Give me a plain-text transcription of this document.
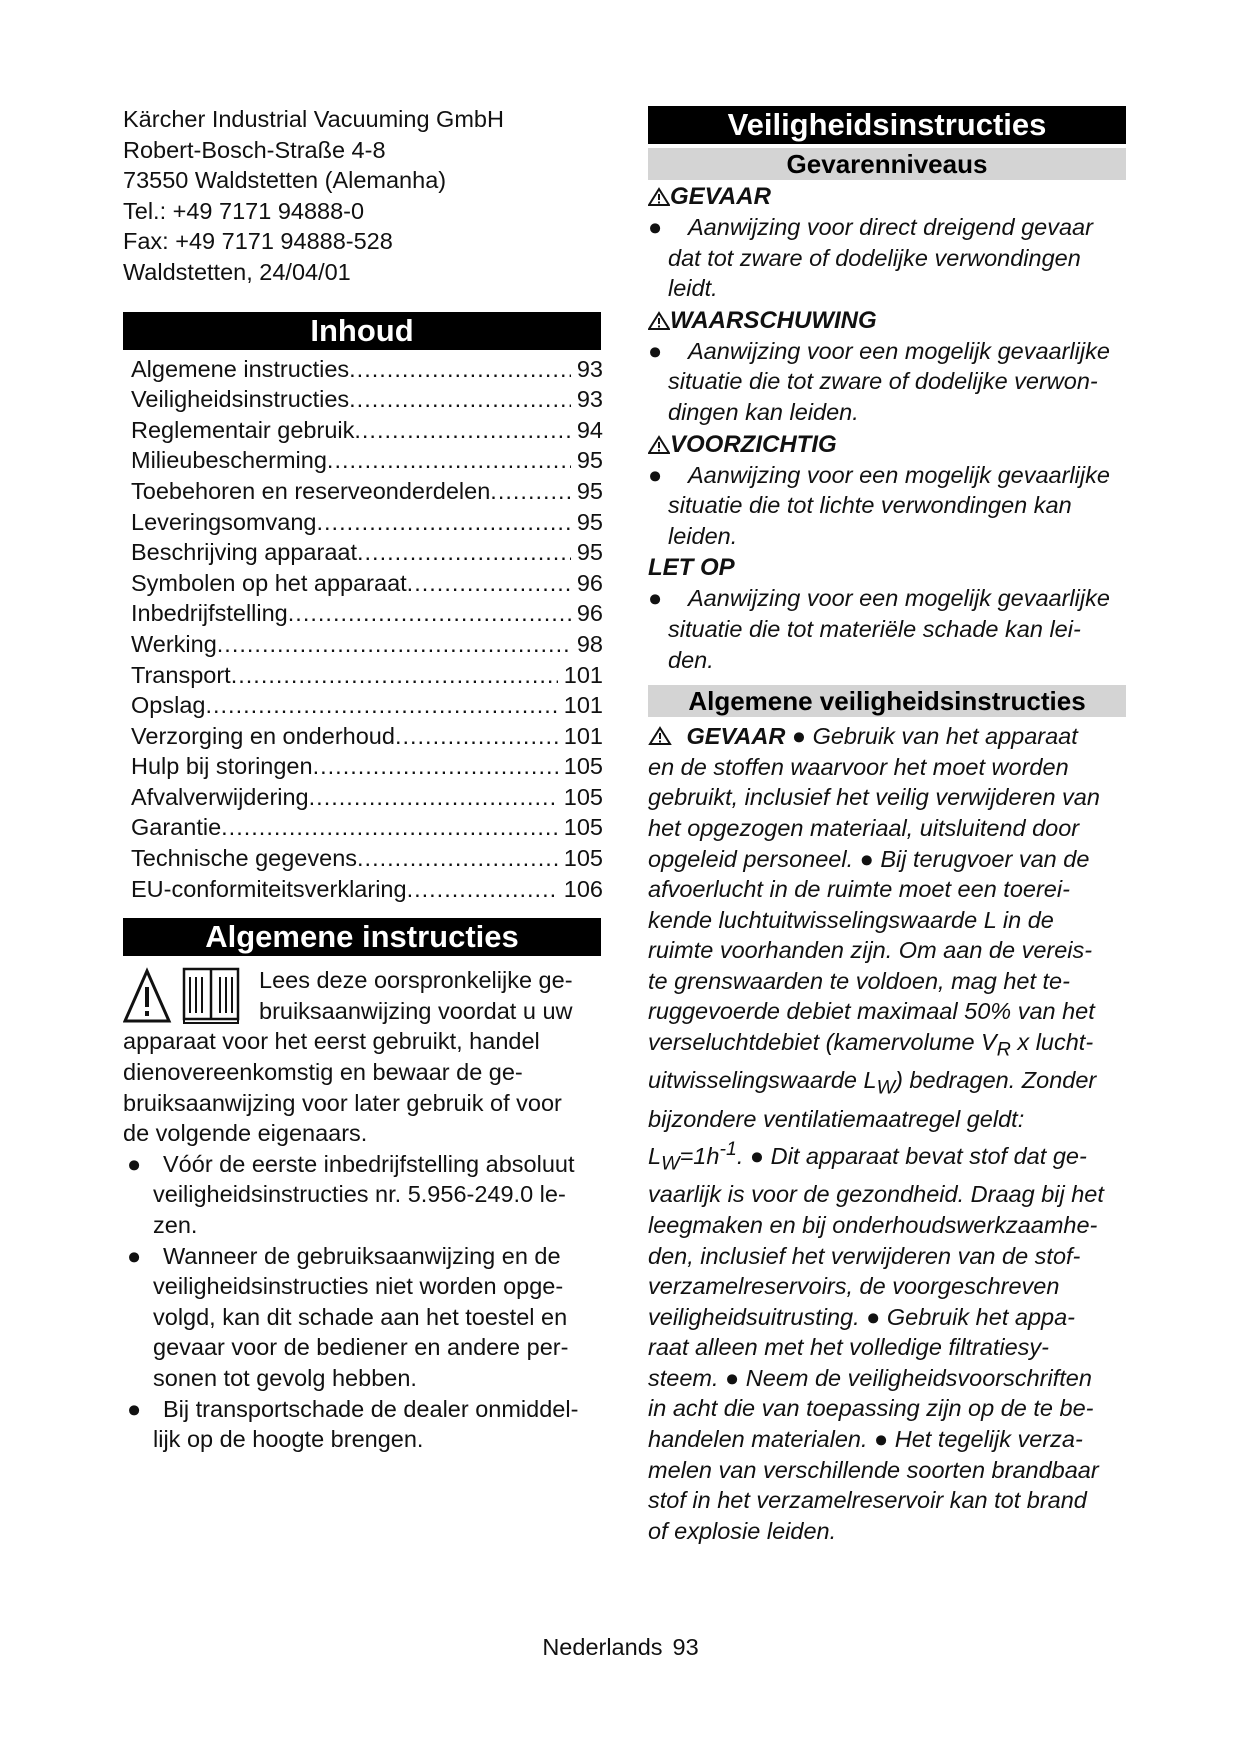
Kärcher Industrial Vacuuming GmbH
Robert-Bosch-Straße 4-8
73550 Waldstetten (Alemanha)
Tel.: +49 7171 94888-0
Fax: +49 7171 94888-528
Waldstetten, 24/04/01
Inhoud
Algemene instructies .....	93
Veiligheidsinstructies .....	93
Reglementair gebruik .....	94
Milieubescherming .....	95
Toebehoren en reserveonderdelen .....	95
Leveringsomvang .....	95
Beschrijving apparaat .....	95
Symbolen op het apparaat .....	96
Inbedrijfstelling .....	96
Werking .....	98
Transport .....	101
Opslag .....	101
Verzorging en onderhoud .....	101
Hulp bij storingen .....	105
Afvalverwijdering .....	105
Garantie .....	105
Technische gegevens .....	105
EU-conformiteitsverklaring .....	106
Algemene instructies
Lees deze oorspronkelijke ge-
bruiksaanwijzing voordat u uw
apparaat voor het eerst gebruikt, handel
dienovereenkomstig en bewaar de ge-
bruiksaanwijzing voor later gebruik of voor
de volgende eigenaars.
● Vóór de eerste inbedrijfstelling absoluut
veiligheidsinstructies nr. 5.956-249.0 le-
zen.
● Wanneer de gebruiksaanwijzing en de
veiligheidsinstructies niet worden opge-
volgd, kan dit schade aan het toestel en
gevaar voor de bediener en andere per-
sonen tot gevolg hebben.
● Bij transportschade de dealer onmiddel-
lijk op de hoogte brengen.
Veiligheidsinstructies
Gevarenniveaus
GEVAAR
●	Aanwijzing voor direct dreigend gevaar
dat tot zware of dodelijke verwondingen
leidt.
WAARSCHUWING
●	Aanwijzing voor een mogelijk gevaarlijke
situatie die tot zware of dodelijke verwon-
dingen kan leiden.
VOORZICHTIG
●	Aanwijzing voor een mogelijk gevaarlijke
situatie die tot lichte verwondingen kan
leiden.
LET OP
●	Aanwijzing voor een mogelijk gevaarlijke
situatie die tot materiële schade kan lei-
den.
Algemene veiligheidsinstructies
GEVAAR ● Gebruik van het apparaat
en de stoffen waarvoor het moet worden
gebruikt, inclusief het veilig verwijderen van
het opgezogen materiaal, uitsluitend door
opgeleid personeel. ● Bij terugvoer van de
afvoerlucht in de ruimte moet een toerei-
kende luchtuitwisselingswaarde L in de
ruimte voorhanden zijn. Om aan de vereis-
te grenswaarden te voldoen, mag het te-
ruggevoerde debiet maximaal 50% van het
verseluchtdebiet (kamervolume $V_R$ x lucht-
uitwisselingswaarde $L_W$) bedragen. Zonder
bijzondere ventilatiemaatregel geldt:
$L_W=1h^{-1}$. ● Dit apparaat bevat stof dat ge-
vaarlijk is voor de gezondheid. Draag bij het
leegmaken en bij onderhoudswerkzaamhe-
den, inclusief het verwijderen van de stof-
verzamelreservoirs, de voorgeschreven
veiligheidsuitrusting. ● Gebruik het appa-
raat alleen met het volledige filtratiesy-
steem. ● Neem de veiligheidsvoorschriften
in acht die van toepassing zijn op de te be-
handelen materialen. ● Het tegelijk verza-
melen van verschillende soorten brandbaar
stof in het verzamelreservoir kan tot brand
of explosie leiden.
Nederlands 93
